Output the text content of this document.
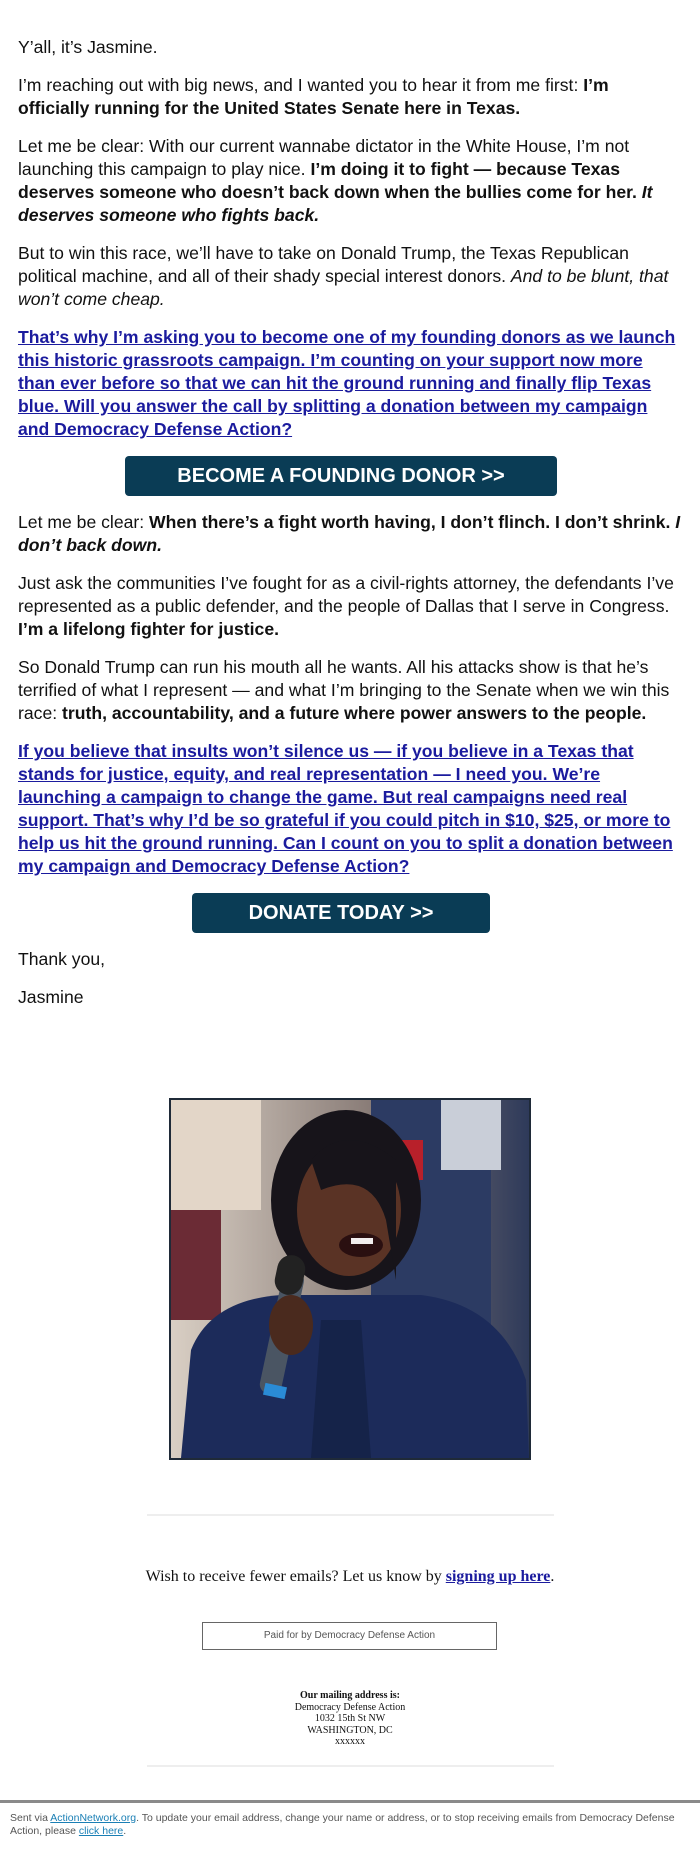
Y’all, it’s Jasmine.

I’m reaching out with big news, and I wanted you to hear it from me first: I’m officially running for the United States Senate here in Texas.

Let me be clear: With our current wannabe dictator in the White House, I’m not launching this campaign to play nice. I’m doing it to fight — because Texas deserves someone who doesn’t back down when the bullies come for her. It deserves someone who fights back.

But to win this race, we’ll have to take on Donald Trump, the Texas Republican political machine, and all of their shady special interest donors. And to be blunt, that won’t come cheap.

That’s why I’m asking you to become one of my founding donors as we launch this historic grassroots campaign. I’m counting on your support now more than ever before so that we can hit the ground running and finally flip Texas blue. Will you answer the call by splitting a donation between my campaign and Democracy Defense Action?

BECOME A FOUNDING DONOR >>

Let me be clear: When there’s a fight worth having, I don’t flinch. I don’t shrink. I don’t back down.

Just ask the communities I’ve fought for as a civil-rights attorney, the defendants I’ve represented as a public defender, and the people of Dallas that I serve in Congress. I’m a lifelong fighter for justice.

So Donald Trump can run his mouth all he wants. All his attacks show is that he’s terrified of what I represent — and what I’m bringing to the Senate when we win this race: truth, accountability, and a future where power answers to the people.

If you believe that insults won’t silence us — if you believe in a Texas that stands for justice, equity, and real representation — I need you. We’re launching a campaign to change the game. But real campaigns need real support. That’s why I’d be so grateful if you could pitch in $10, $25, or more to help us hit the ground running. Can I count on you to split a donation between my campaign and Democracy Defense Action?

DONATE TODAY >>

Thank you,

Jasmine

Wish to receive fewer emails? Let us know by signing up here.
Paid for by Democracy Defense Action
Our mailing address is:
Democracy Defense Action
1032 15th St NW
WASHINGTON, DC
xxxxxx
Sent via ActionNetwork.org. To update your email address, change your name or address, or to stop receiving emails from Democracy Defense Action, please click here.
